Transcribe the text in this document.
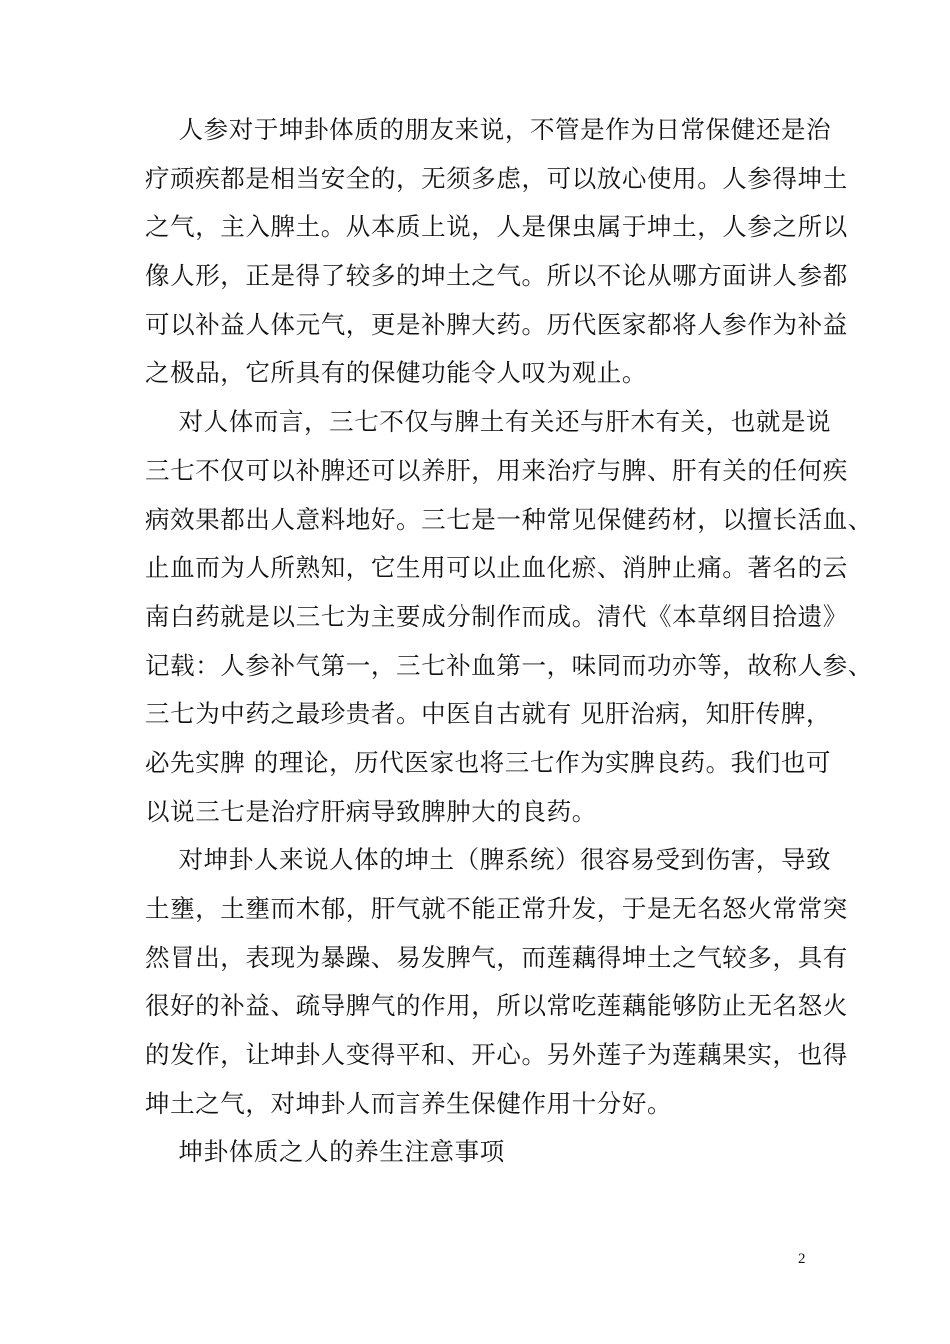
人参对于坤卦体质的朋友来说，不管是作为日常保健还是治
疗顽疾都是相当安全的，无须多虑，可以放心使用。人参得坤土
之气，主入脾土。从本质上说，人是倮虫属于坤土，人参之所以
像人形，正是得了较多的坤土之气。所以不论从哪方面讲人参都
可以补益人体元气，更是补脾大药。历代医家都将人参作为补益
之极品，它所具有的保健功能令人叹为观止。
对人体而言，三七不仅与脾土有关还与肝木有关，也就是说
三七不仅可以补脾还可以养肝，用来治疗与脾、肝有关的任何疾
病效果都出人意料地好。三七是一种常见保健药材，以擅长活血、
止血而为人所熟知，它生用可以止血化瘀、消肿止痛。著名的云
南白药就是以三七为主要成分制作而成。清代《本草纲目拾遗》
记载：人参补气第一，三七补血第一，味同而功亦等，故称人参、
三七为中药之最珍贵者。中医自古就有 见肝治病，知肝传脾，
必先实脾 的理论，历代医家也将三七作为实脾良药。我们也可
以说三七是治疗肝病导致脾肿大的良药。
对坤卦人来说人体的坤土（脾系统）很容易受到伤害，导致
土壅，土壅而木郁，肝气就不能正常升发，于是无名怒火常常突
然冒出，表现为暴躁、易发脾气，而莲藕得坤土之气较多，具有
很好的补益、疏导脾气的作用，所以常吃莲藕能够防止无名怒火
的发作，让坤卦人变得平和、开心。另外莲子为莲藕果实，也得
坤土之气，对坤卦人而言养生保健作用十分好。
坤卦体质之人的养生注意事项
2
